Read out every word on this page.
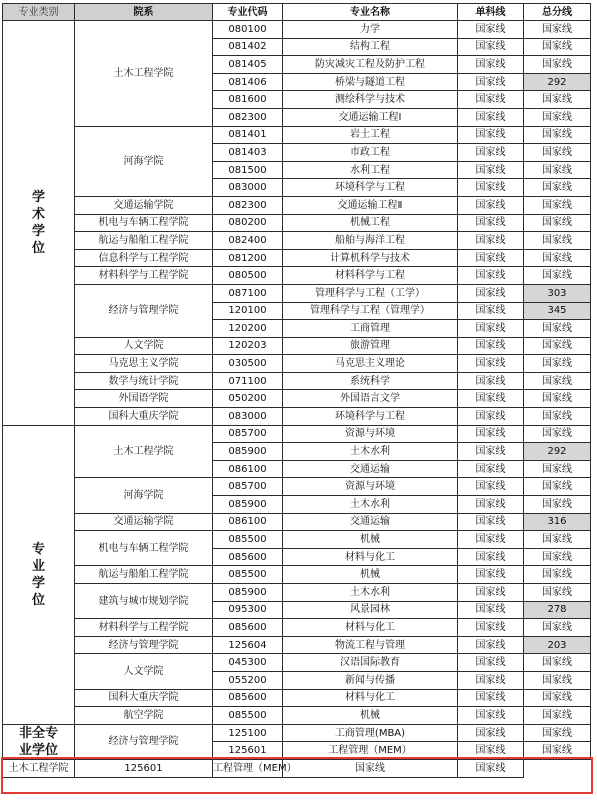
专业类别	院系	专业代码	专业名称	单科线	总分线

学
术
学
位	土木工程学院	080100	力学	国家线	国家线
		081402	结构工程	国家线	国家线
		081405	防灾减灾工程及防护工程	国家线	国家线
		081406	桥梁与隧道工程	国家线	292
		081600	测绘科学与技术	国家线	国家线
		082300	交通运输工程Ⅰ	国家线	国家线
	河海学院	081401	岩土工程	国家线	国家线
		081403	市政工程	国家线	国家线
		081500	水利工程	国家线	国家线
		083000	环境科学与工程	国家线	国家线
	交通运输学院	082300	交通运输工程Ⅱ	国家线	国家线
	机电与车辆工程学院	080200	机械工程	国家线	国家线
	航运与船舶工程学院	082400	船舶与海洋工程	国家线	国家线
	信息科学与工程学院	081200	计算机科学与技术	国家线	国家线
	材料科学与工程学院	080500	材料科学与工程	国家线	国家线
	经济与管理学院	087100	管理科学与工程（工学）	国家线	303
		120100	管理科学与工程（管理学）	国家线	345
		120200	工商管理	国家线	国家线
	人文学院	120203	旅游管理	国家线	国家线
	马克思主义学院	030500	马克思主义理论	国家线	国家线
	数学与统计学院	071100	系统科学	国家线	国家线
	外国语学院	050200	外国语言文学	国家线	国家线
	国科大重庆学院	083000	环境科学与工程	国家线	国家线

专
业
学
位	土木工程学院	085700	资源与环境	国家线	国家线
		085900	土木水利	国家线	292
		086100	交通运输	国家线	国家线
	河海学院	085700	资源与环境	国家线	国家线
		085900	土木水利	国家线	国家线
	交通运输学院	086100	交通运输	国家线	316
	机电与车辆工程学院	085500	机械	国家线	国家线
		085600	材料与化工	国家线	国家线
	航运与船舶工程学院	085500	机械	国家线	国家线
	建筑与城市规划学院	085900	土木水利	国家线	国家线
		095300	风景园林	国家线	278
	材料科学与工程学院	085600	材料与化工	国家线	国家线
	经济与管理学院	125604	物流工程与管理	国家线	203
	人文学院	045300	汉语国际教育	国家线	国家线
		055200	新闻与传播	国家线	国家线
	国科大重庆学院	085600	材料与化工	国家线	国家线
	航空学院	085500	机械	国家线	国家线

非全专
业学位	经济与管理学院	125100	工商管理(MBA)	国家线	国家线
		125601	工程管理（MEM）	国家线	国家线
土木工程学院	125601	工程管理（MEM）	国家线	国家线	
